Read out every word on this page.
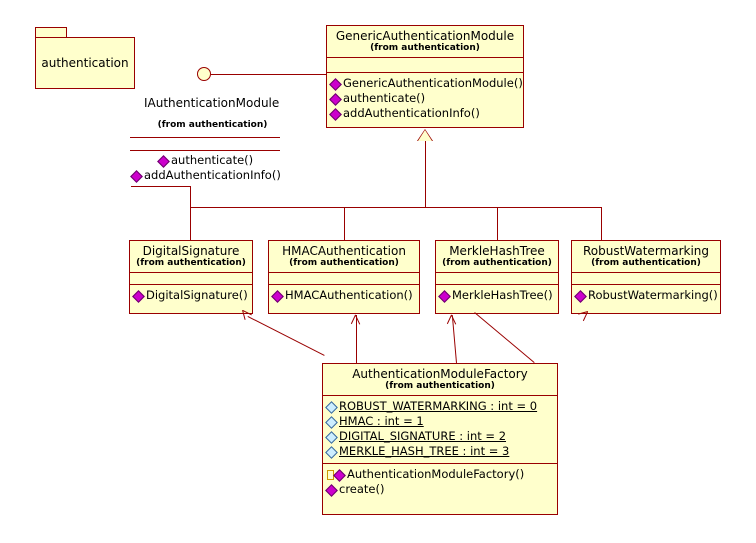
authentication
GenericAuthenticationModule
(from authentication)
GenericAuthenticationModule()
authenticate()
addAuthenticationInfo()
IAuthenticationModule
(from authentication)
authenticate()
addAuthenticationInfo()
DigitalSignature
(from authentication)
DigitalSignature()
HMACAuthentication
(from authentication)
HMACAuthentication()
MerkleHashTree
(from authentication)
MerkleHashTree()
RobustWatermarking
(from authentication)
RobustWatermarking()
AuthenticationModuleFactory
(from authentication)
ROBUST_WATERMARKING : int = 0
HMAC : int = 1
DIGITAL_SIGNATURE : int = 2
MERKLE_HASH_TREE : int = 3
AuthenticationModuleFactory()
create()
